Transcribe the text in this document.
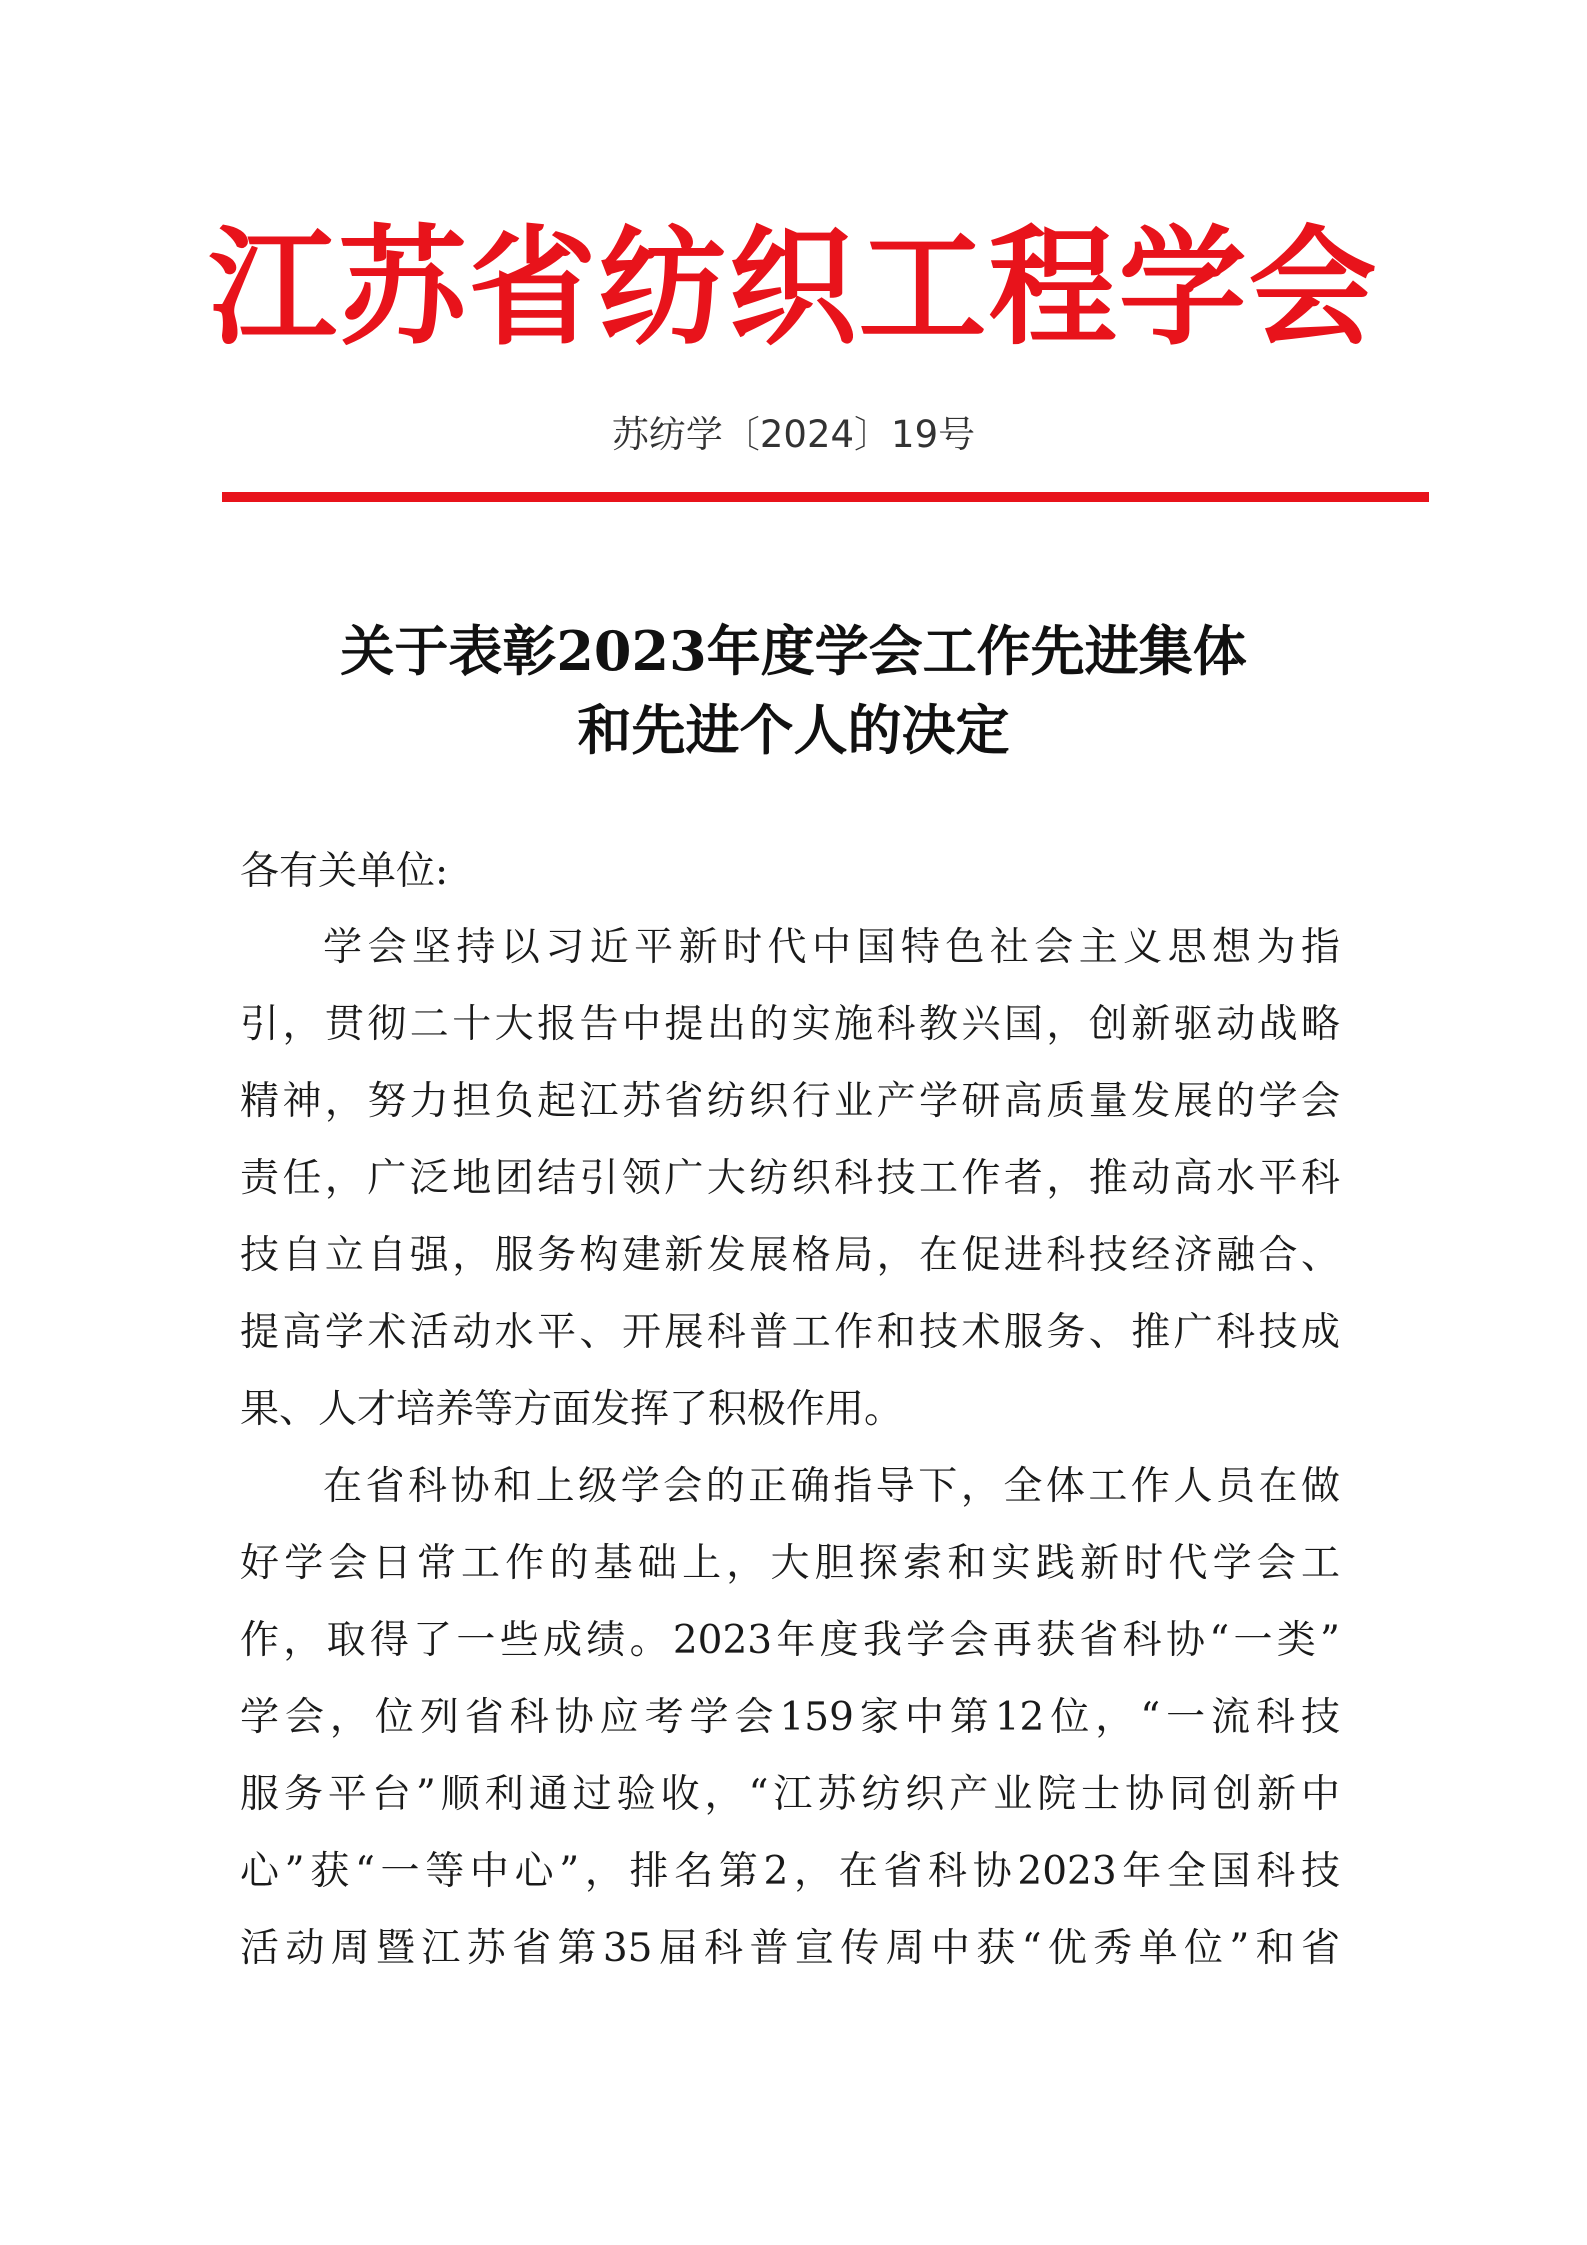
江苏省纺织工程学会
苏纺学〔2024〕19号
关于表彰2023年度学会工作先进集体
和先进个人的决定
各有关单位:
学会坚持以习近平新时代中国特色社会主义思想为指
引，贯彻二十大报告中提出的实施科教兴国，创新驱动战略
精神，努力担负起江苏省纺织行业产学研高质量发展的学会
责任，广泛地团结引领广大纺织科技工作者，推动高水平科
技自立自强，服务构建新发展格局，在促进科技经济融合、
提高学术活动水平、开展科普工作和技术服务、推广科技成
果、人才培养等方面发挥了积极作用。
在省科协和上级学会的正确指导下，全体工作人员在做
好学会日常工作的基础上，大胆探索和实践新时代学会工
作，取得了一些成绩。2023年度我学会再获省科协“一类”
学会，位列省科协应考学会159家中第12位，“一流科技
服务平台”顺利通过验收，“江苏纺织产业院士协同创新中
心”获“一等中心”，排名第2，在省科协2023年全国科技
活动周暨江苏省第35届科普宣传周中获“优秀单位”和省
